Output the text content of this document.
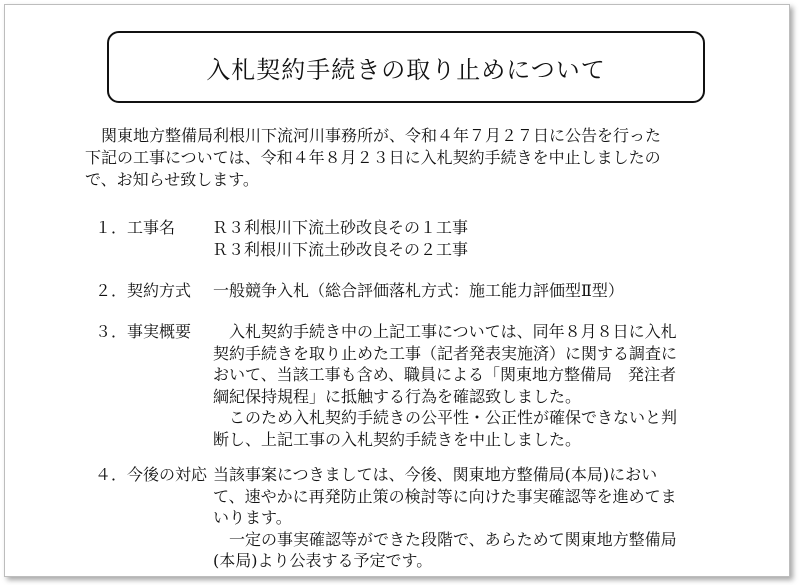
入札契約手続きの取り止めについて

　関東地方整備局利根川下流河川事務所が、令和４年７月２７日に公告を行った

下記の工事については、令和４年８月２３日に入札契約手続きを中止しましたの

で、お知らせ致します。

１．工事名 Ｒ３利根川下流土砂改良その１工事

Ｒ３利根川下流土砂改良その２工事

２．契約方式 一般競争入札（総合評価落札方式：施工能力評価型Ⅱ型）

３．事実概要 　入札契約手続き中の上記工事については、同年８月８日に入札

契約手続きを取り止めた工事（記者発表実施済）に関する調査に

おいて、当該工事も含め、職員による「関東地方整備局　発注者

綱紀保持規程」に抵触する行為を確認致しました。

　このため入札契約手続きの公平性・公正性が確保できないと判

断し、上記工事の入札契約手続きを中止しました。

４．今後の対応 当該事案につきましては、今後、関東地方整備局(本局)におい

て、速やかに再発防止策の検討等に向けた事実確認等を進めてま

いります。

　一定の事実確認等ができた段階で、あらためて関東地方整備局

(本局)より公表する予定です。
